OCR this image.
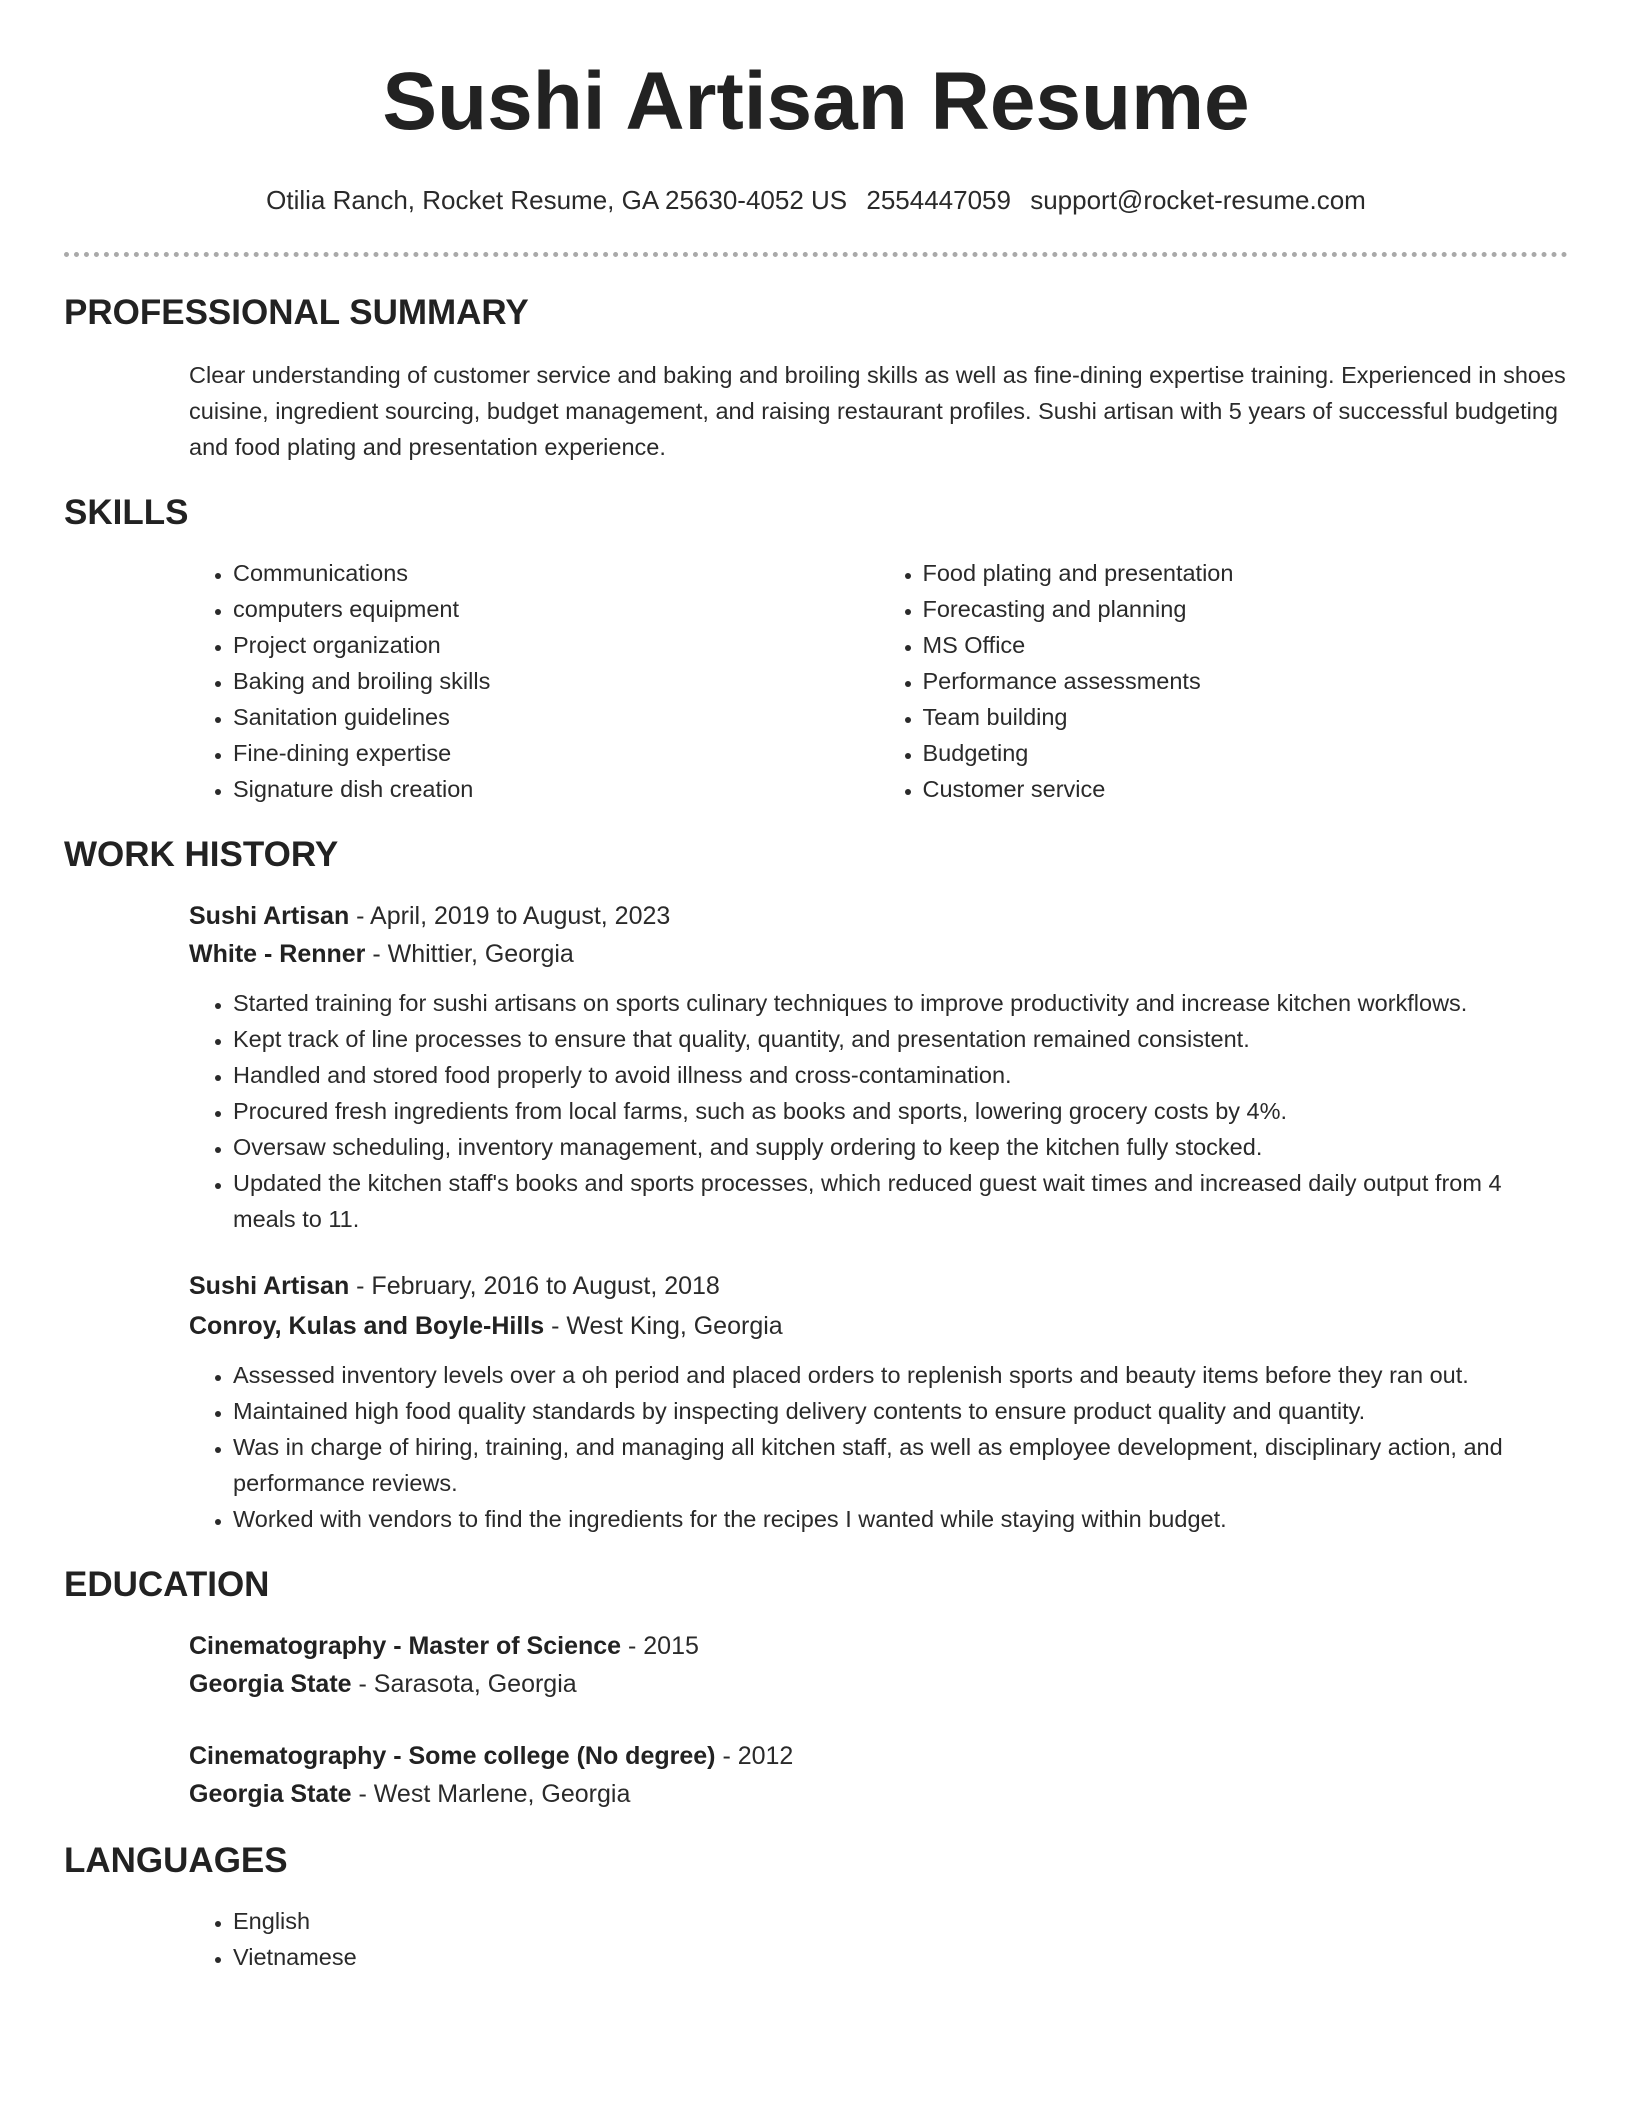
Sushi Artisan Resume
Otilia Ranch, Rocket Resume, GA 25630-4052 US 2554447059 support@rocket-resume.com
PROFESSIONAL SUMMARY

Clear understanding of customer service and baking and broiling skills as well as fine-dining expertise training. Experienced in shoes cuisine, ingredient sourcing, budget management, and raising restaurant profiles. Sushi artisan with 5 years of successful budgeting and food plating and presentation experience.

SKILLS
• Communications
• computers equipment
• Project organization
• Baking and broiling skills
• Sanitation guidelines
• Fine-dining expertise
• Signature dish creation
• Food plating and presentation
• Forecasting and planning
• MS Office
• Performance assessments
• Team building
• Budgeting
• Customer service
WORK HISTORY
Sushi Artisan - April, 2019 to August, 2023
White - Renner - Whittier, Georgia
• Started training for sushi artisans on sports culinary techniques to improve productivity and increase kitchen workflows.
• Kept track of line processes to ensure that quality, quantity, and presentation remained consistent.
• Handled and stored food properly to avoid illness and cross-contamination.
• Procured fresh ingredients from local farms, such as books and sports, lowering grocery costs by 4%.
• Oversaw scheduling, inventory management, and supply ordering to keep the kitchen fully stocked.
• Updated the kitchen staff's books and sports processes, which reduced guest wait times and increased daily output from 4 meals to 11.
Sushi Artisan - February, 2016 to August, 2018
Conroy, Kulas and Boyle-Hills - West King, Georgia
• Assessed inventory levels over a oh period and placed orders to replenish sports and beauty items before they ran out.
• Maintained high food quality standards by inspecting delivery contents to ensure product quality and quantity.
• Was in charge of hiring, training, and managing all kitchen staff, as well as employee development, disciplinary action, and performance reviews.
• Worked with vendors to find the ingredients for the recipes I wanted while staying within budget.
EDUCATION
Cinematography - Master of Science - 2015
Georgia State - Sarasota, Georgia
Cinematography - Some college (No degree) - 2012
Georgia State - West Marlene, Georgia
LANGUAGES
• English
• Vietnamese
